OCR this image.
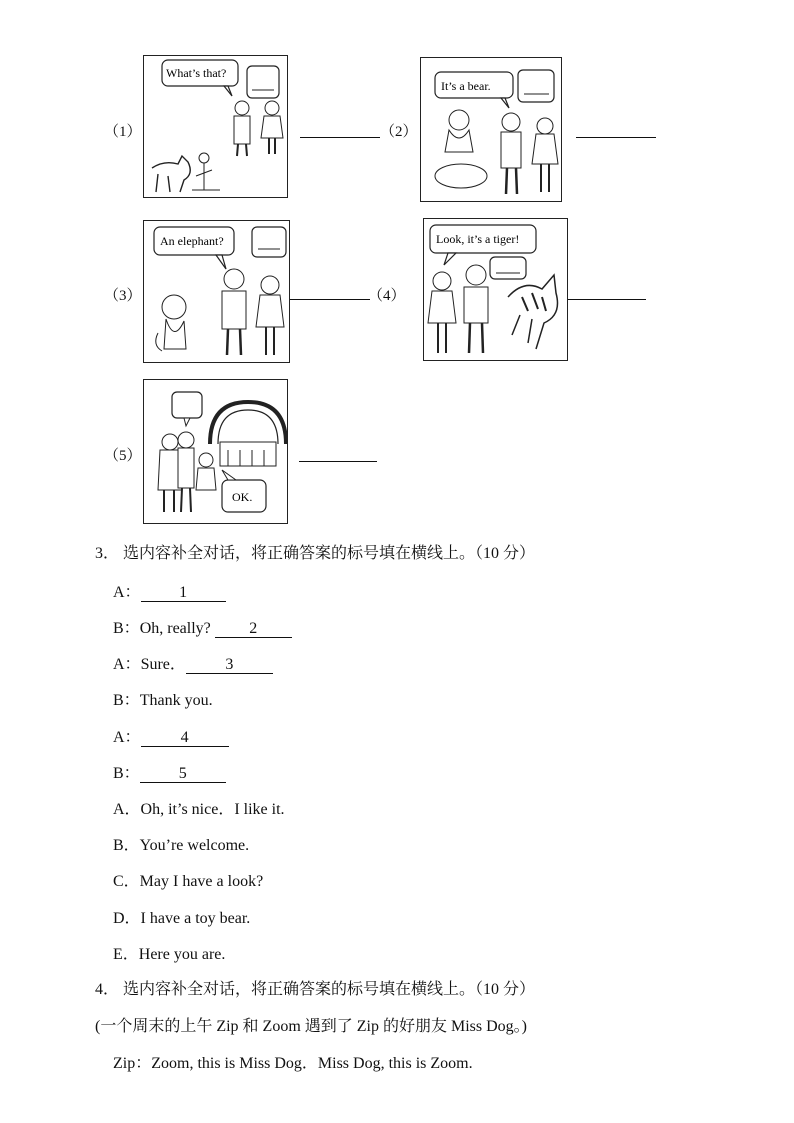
（1）
What’s that?
（2）
It’s a bear.
（3）
An elephant?
（4）
Look, it’s a tiger!
（5）
OK.
3． 选内容补全对话，将正确答案的标号填在横线上。（10 分）
A： 1
B：Oh, really? 2
A：Sure． 3
B：Thank you.
A：	4
B： 5
A．Oh, it’s nice．I like it.
B．You’re welcome.
C．May I have a look?
D．I have a toy bear.
E．Here you are.
4． 选内容补全对话，将正确答案的标号填在横线上。（10 分）
(一个周末的上午 Zip 和 Zoom 遇到了 Zip 的好朋友 Miss Dog。)
Zip：Zoom, this is Miss Dog．Miss Dog, this is Zoom.
